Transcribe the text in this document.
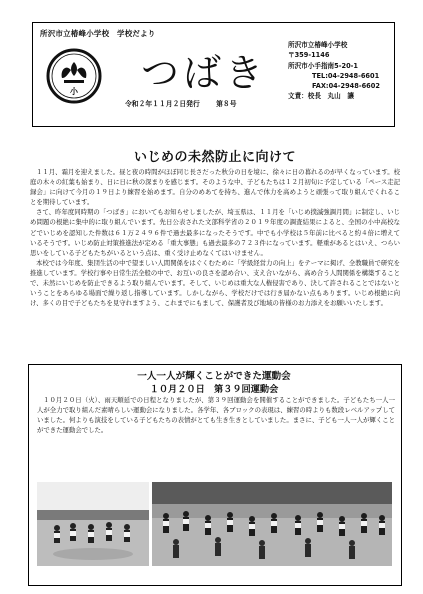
所沢市立椿峰小学校　学校だより
小 つばき
令和２年１１月２日発行 第８号
所沢市立椿峰小学校
〒359-1146
所沢市小手指南5-20-1
TEL:04-2948-6601
FAX:04-2948-6602
文責：校長　丸山　讓
いじめの未然防止に向けて

１１月、霜月を迎えました。昼と夜の時間がほぼ同じ長さだった秋分の日を境に、徐々に日の暮れるのが早くなっています。校庭の木々の紅葉も始まり、日に日に秋の深まりを感じます。そのような中、子どもたちは１２月初旬に予定している「ペース走記録会」に向けて今月の１９日より練習を始めます。自分のめあてを持ち、進んで体力を高めようと頑張って取り組んでくれることを期待しています。

さて、昨年度同時期の「つばき」においてもお知らせしましたが、埼玉県は、１１月を「いじめ撲滅強調月間」に制定し、いじめ問題の根絶に集中的に取り組んでいます。先日公表された文部科学省の２０１９年度の調査結果によると、全国の小中高校などでいじめを認知した件数は６１万２４９６件で過去最多になったそうです。中でも小学校は５年前に比べると約４倍に増えているそうです。いじめ防止対策推進法が定める「重大事態」も過去最多の７２３件になっています。軽重があるとはいえ、つらい思いをしている子どもたちがいるという点は、重く受け止めなくてはいけません。

本校では今年度、集団生活の中で望ましい人間関係をはぐくむために「学級経営力の向上」をテーマに掲げ、全教職員で研究を推進しています。学校行事や日常生活全般の中で、お互いの良さを認め合い、支え合いながら、高め合う人間関係を構築することで、未然にいじめを防止できるよう取り組んでいます。そして、いじめは重大な人権侵害であり、決して許されることではないということをあらゆる場面で繰り返し指導しています。しかしながら、学校だけでは行き届かない点もあります。いじめ根絶に向け、多くの目で子どもたちを見守れますよう、これまでにもまして、保護者及び地域の皆様のお力添えをお願いいたします。

一人一人が輝くことができた運動会
１０月２０日　第３９回運動会

１０月２０日（火）、雨天順延での日程となりましたが、第３９回運動会を開催することができました。子どもたち一人一人が全力で取り組んだ素晴らしい運動会になりました。各学年、各ブロックの表現は、練習の時よりも数段レベルアップしていました。何よりも演技をしている子どもたちの表情がとても生き生きとしていました。まさに、子ども一人一人が輝くことができた運動会でした。
